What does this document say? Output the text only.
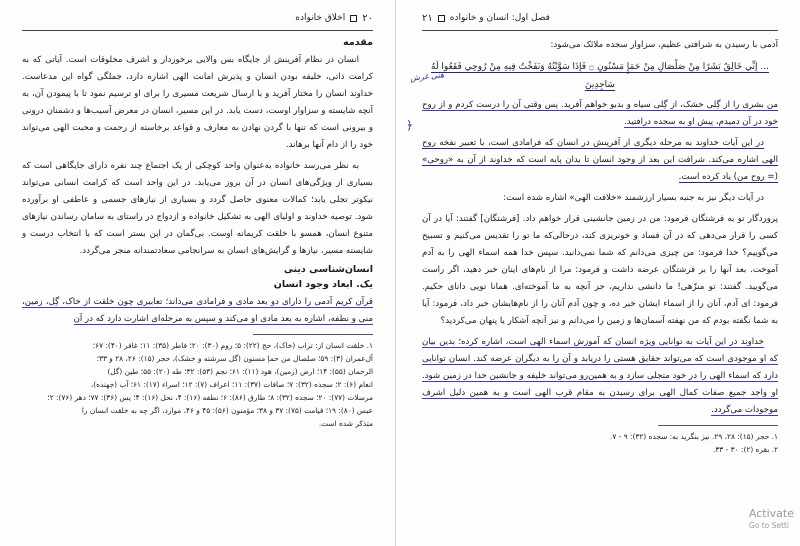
۲۰
اخلاق خانواده
مقدمه
انسان در نظام آفرینش از جایگاه بس والایی برخوردار و اشرف مخلوقات است. آیاتی که به کرامت ذاتی، خلیفه بودن انسان و پذیرش امانت الهی اشاره دارد، جملگی گواه این مدعاست. خداوند انسان را مختار آفرید و با ارسال شریعت مسیری را برای او ترسیم نمود تا با پیمودن آن، به آنچه شایسته و سزاوار اوست، دست یابد. در این مسیر، انسان در معرض آسیب‌ها و دشمنان درونی و بیرونی است که تنها با گردن نهادن به معارف و قواعد برخاسته از رحمت و محبت الهی می‌تواند خود را از دام آنها برهاند.
به نظر می‌رسد خانواده به‌عنوان واحد کوچکی از یک اجتماع چند نفره دارای جایگاهی است که بسیاری از ویژگی‌های انسان در آن بروز می‌یابد. در این واحد است که کرامت انسانی می‌تواند نیکوتر تجلی یابد؛ کمالات معنوی حاصل گردد و بسیاری از نیازهای جسمی و عاطفی او برآورده شود. توصیه خداوند و اولیای الهی به تشکیل خانواده و ازدواج در راستای به سامان رساندن نیازهای متنوع انسان، همسو با خلقت کریمانه اوست. بی‌گمان در این بستر است که با انتخاب درست و شایسته مسیر، نیازها و گرایش‌های انسان به سرانجامی سعادتمندانه منجر می‌گردد.
انسان‌شناسی دینی
یک. ابعاد وجود انسان
قرآن کریم آدمی را دارای دو بعد مادی و فرامادی می‌داند؛ تعابیری چون خلقت از خاک، گِل، زمین، منی و نطفه، اشاره به بعد مادی او می‌کند و سپس به مرحله‌ای اشارت دارد که در آن
۱. خلقت انسان از: تراب (خاک)، حج (۲۲): ۵؛ روم (۳۰): ۲۰؛ فاطر (۳۵): ۱۱؛ غافر (۴۰): ۶۷؛
آل‌عمران (۳): ۵۹؛ صلصال من حمإ مسنون (گل سرشته و خشک)، حجر (۱۵): ۲۶، ۲۸ و ۳۳؛
الرحمان (۵۵): ۱۴؛ ارض (زمین)، هود (۱۱): ۶۱؛ نجم (۵۳): ۳۲؛ طه (۲۰): ۵۵؛ طین (گل)
انعام (۶): ۲؛ سجده (۳۲): ۷؛ صافات (۳۷): ۱۱؛ اعراف (۷): ۱۲؛ اسراء (۱۷): ۶۱؛ آب (جهنده)،
مرسلات (۷۷): ۲۰؛ سجده (۳۲): ۸؛ طارق (۸۶): ۶؛ نطفه (۱۶): ۴، نحل (۱۶): ۴؛ یس (۳۶): ۷۷؛ دهر (۷۶): ۲؛
عبس (۸۰): ۱۹؛ قیامت (۷۵): ۳۷ و ۳۸؛ مؤمنون (۵۶): ۴۵ و ۴۶، موارد، اگر چه به خلقت انسان را
متذکر شده است.
فصل اول: انسان و خانواده
۲۱
آدمی با رسیدن به شرافتی عظیم، سزاوار سجده ملائک می‌شود:
... إِنِّي خَالِقٌ بَشَرًا مِنْ صَلْصَالٍ مِنْ حَمَإٍ مَسْنُونٍ ۝ فَإِذَا سَوَّيْتُهُ وَنَفَخْتُ فِيهِ مِنْ رُوحِي فَقَعُوا لَهُ سَاجِدِينَ
من بشری را از گِلی خشک، از گِلی سیاه و بدبو خواهم آفرید. پس وقتی آن را درست کردم و از روح خود در آن دمیدم، پیش او به سجده درافتید.
در این آیات خداوند به مرحله دیگری از آفرینش در انسان که فرامادی است، با تعبیر نفخه روح الهی اشاره می‌کند. شرافت این بعد از وجود انسان تا بدان پایه است که خداوند از آن به «روحی» (= روح من) یاد کرده است.
در آیات دیگر نیز به جنبه بسیار ارزشمند «خلافت الهی» اشاره شده است:
پروردگار تو به فرشتگان فرمود: من در زمین جانشینی قرار خواهم داد. [فرشتگان] گفتند: آیا در آن کسی را قرار می‌دهی که در آن فساد و خونریزی کند، درحالی‌که ما تو را تقدیس می‌کنیم و تسبیح می‌گوییم؟ خدا فرمود: من چیزی می‌دانم که شما نمی‌دانید. سپس خدا همه اسماء الهی را به آدم آموخت. بعد آنها را بر فرشتگان عرضه داشت و فرمود: مرا از نام‌های اینان خبر دهید، اگر راست می‌گویید. گفتند: تو منزّهی! ما دانشی نداریم، جز آنچه به ما آموخته‌ای. همانا تویی دانای حکیم. فرمود: ای آدم، آنان را از اسماء ایشان خبر ده، و چون آدم آنان را از نام‌هایشان خبر داد، فرمود: آیا به شما نگفته بودم که من نهفته آسمان‌ها و زمین را می‌دانم و نیز آنچه آشکار یا پنهان می‌کردید؟
خداوند در این آیات به توانایی ویژه انسان که آموزش اسماء الهی است، اشاره کرده؛ بدین بیان که او موجودی است که می‌تواند حقایق هستی را دریابد و آن را به دیگران عرضه کند. انسان توانایی دارد که اسماء الهی را در خود متجلی سازد و به همین‌رو می‌تواند خلیفه و جانشین خدا در زمین شود. او واجد جمیع صفات کمال الهی برای رسیدن به مقام قرب الهی است و به همین دلیل اشرف موجودات می‌گردد.
۱. حجر (۱۵): ۲۸، ۲۹. نیز بنگرید به: سجده (۳۲): ۹ - ۷.
۲. بقره (۲): ۳۰ - ۳۳.
هنی غرش
﴿
Activate
Go to Setti
